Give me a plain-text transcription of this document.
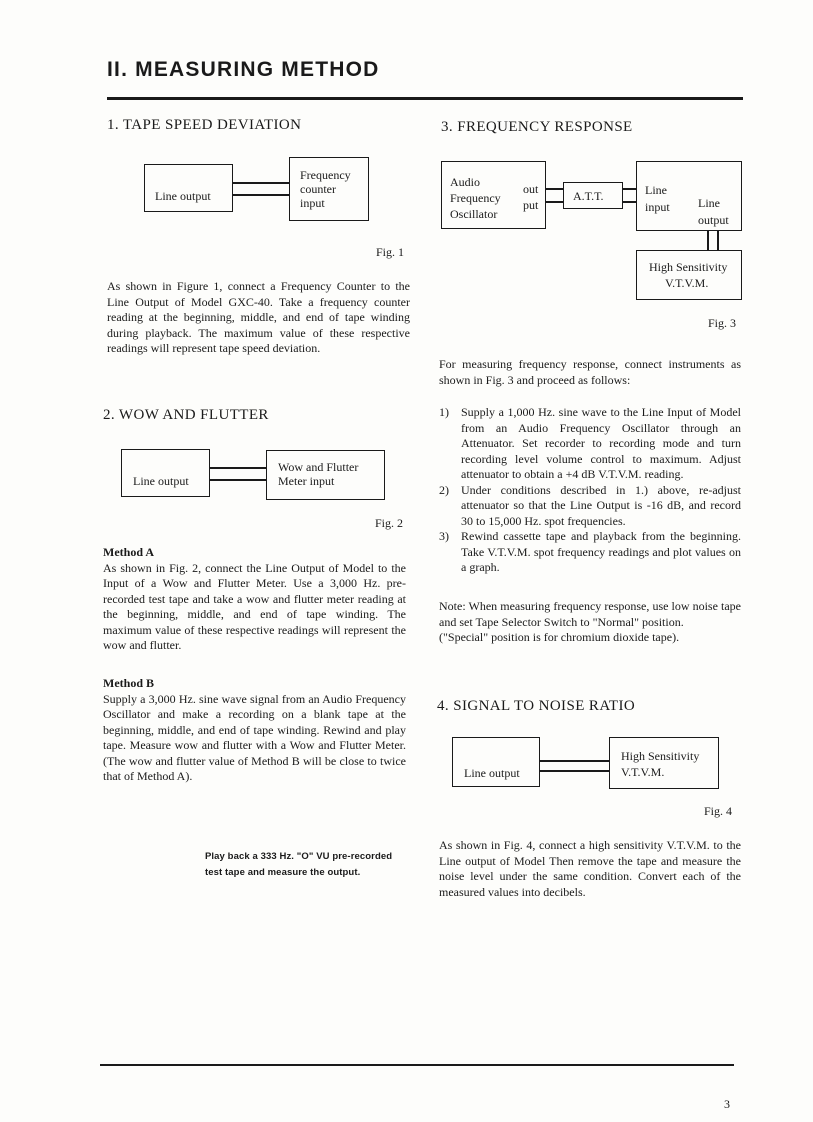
II. MEASURING METHOD
1. TAPE SPEED DEVIATION
Line output
Frequency
counter
input
Fig. 1

As shown in Figure 1, connect a Frequency Counter to the Line Output of Model GXC-40. Take a frequency counter reading at the beginning, middle, and end of tape winding during playback. The maximum value of these respective readings will represent tape speed deviation.

2. WOW AND FLUTTER
Line output
Wow and Flutter
Meter input
Fig. 2

Method A

As shown in Fig. 2, connect the Line Output of Model to the Input of a Wow and Flutter Meter. Use a 3,000 Hz. pre-recorded test tape and take a wow and flutter meter reading at the beginning, middle, and end of tape winding. The maximum value of these respective readings will represent the wow and flutter.

Method B

Supply a 3,000 Hz. sine wave signal from an Audio Frequency Oscillator and make a recording on a blank tape at the beginning, middle, and end of tape winding. Rewind and play tape. Measure wow and flutter with a Wow and Flutter Meter. (The wow and flutter value of Method B will be close to twice that of Method A).

Play back a 333 Hz. "O" VU pre-recorded
test tape and measure the output.
3. FREQUENCY RESPONSE
Audio
Frequency
Oscillator
out
put
A.T.T.	Line
input Line
output
High Sensitivity
V.T.V.M.
Fig. 3

For measuring frequency response, connect instruments as shown in Fig. 3 and proceed as follows:

1) Supply a 1,000 Hz. sine wave to the Line Input of Model from an Audio Frequency Oscillator through an Attenuator. Set recorder to recording mode and turn recording level volume control to maximum. Adjust attenuator to obtain a +4 dB V.T.V.M. reading.
2) Under conditions described in 1.) above, re-adjust attenuator so that the Line Output is -16 dB, and record 30 to 15,000 Hz. spot frequencies.
3) Rewind cassette tape and playback from the beginning. Take V.T.V.M. spot frequency readings and plot values on a graph.

Note: When measuring frequency response, use low noise tape and set Tape Selector Switch to "Normal" position.

("Special" position is for chromium dioxide tape).

4. SIGNAL TO NOISE RATIO
Line output
High Sensitivity
V.T.V.M.
Fig. 4

As shown in Fig. 4, connect a high sensitivity V.T.V.M. to the Line output of Model Then remove the tape and measure the noise level under the same condition. Convert each of the measured values into decibels.

3
